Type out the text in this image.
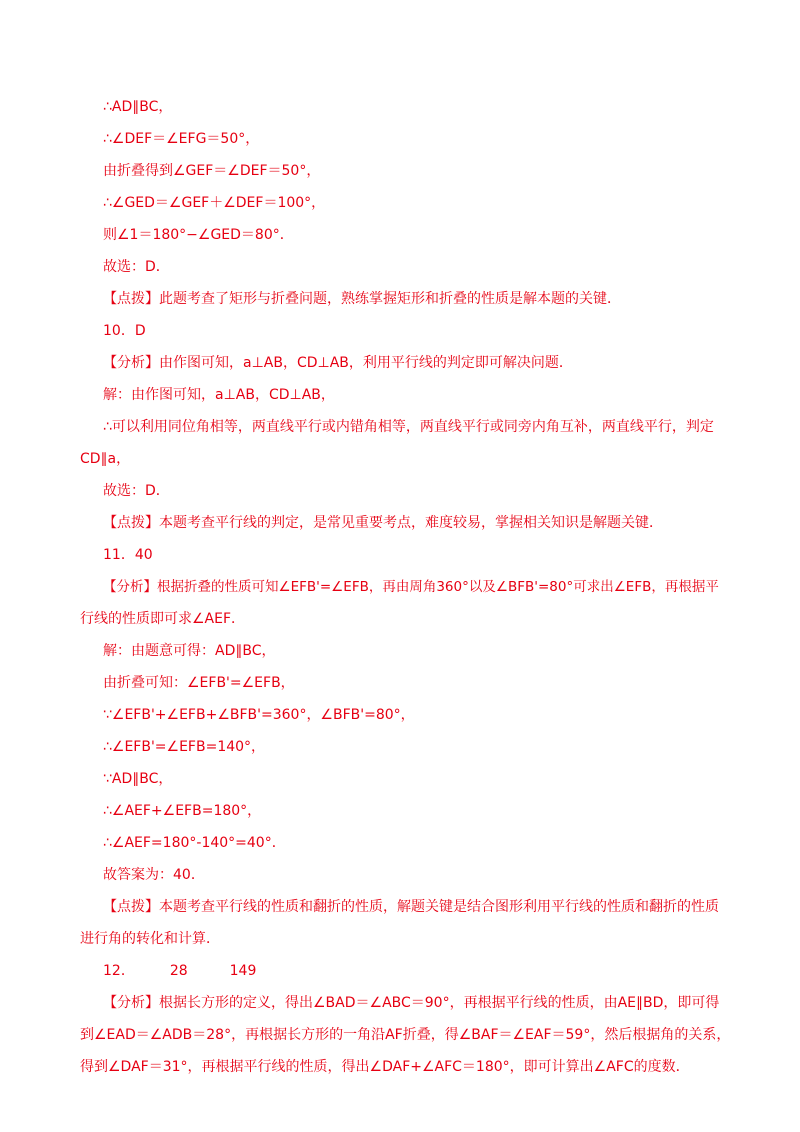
∴AD∥BC，
∴∠DEF＝∠EFG＝50°，
由折叠得到∠GEF＝∠DEF＝50°，
∴∠GED＝∠GEF＋∠DEF＝100°，
则∠1＝180°−∠GED＝80°．
故选：D．
【点拨】此题考查了矩形与折叠问题，熟练掌握矩形和折叠的性质是解本题的关键．
10．D
【分析】由作图可知，a⊥AB，CD⊥AB，利用平行线的判定即可解决问题．
解：由作图可知，a⊥AB，CD⊥AB，
∴可以利用同位角相等，两直线平行或内错角相等，两直线平行或同旁内角互补，两直线平行，判定
CD∥a，
故选：D．
【点拨】本题考查平行线的判定，是常见重要考点，难度较易，掌握相关知识是解题关键．
11．40
【分析】根据折叠的性质可知∠EFB'=∠EFB，再由周角360°以及∠BFB'=80°可求出∠EFB，再根据平
行线的性质即可求∠AEF．
解：由题意可得：AD∥BC，
由折叠可知：∠EFB'=∠EFB，
∵∠EFB'+∠EFB+∠BFB'=360°，∠BFB'=80°，
∴∠EFB'=∠EFB=140°，
∵AD∥BC，
∴∠AEF+∠EFB=180°，
∴∠AEF=180°-140°=40°．
故答案为：40．
【点拨】本题考查平行线的性质和翻折的性质，解题关键是结合图形利用平行线的性质和翻折的性质
进行角的转化和计算．
12．　　　28　　　149
【分析】根据长方形的定义，得出∠BAD＝∠ABC＝90°，再根据平行线的性质，由AE∥BD，即可得
到∠EAD＝∠ADB＝28°，再根据长方形的一角沿AF折叠，得∠BAF＝∠EAF＝59°，然后根据角的关系，
得到∠DAF＝31°，再根据平行线的性质，得出∠DAF+∠AFC＝180°，即可计算出∠AFC的度数．
